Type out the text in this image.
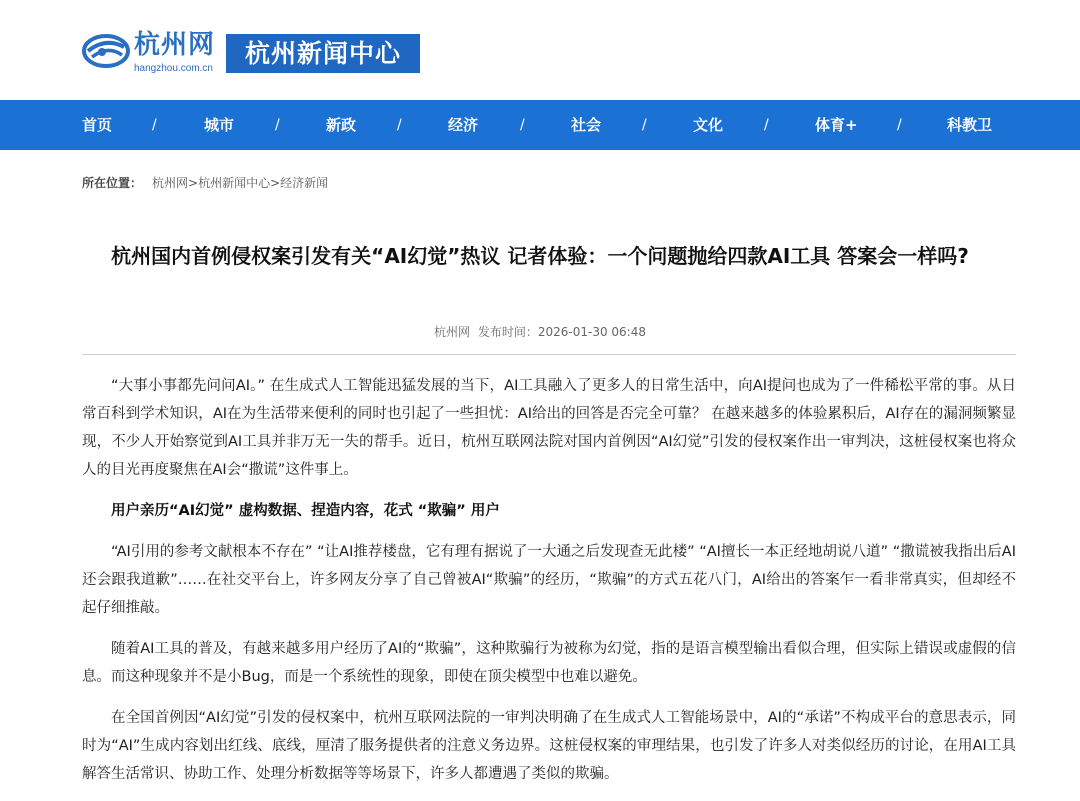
杭州网
hangzhou.com.cn
杭州新闻中心
首页	/	城市	/	新政	/	经济	/	社会	/	文化	/	体育+	/	科教卫
所在位置： 杭州网>杭州新闻中心>经济新闻
杭州国内首例侵权案引发有关“AI幻觉”热议 记者体验：一个问题抛给四款AI工具 答案会一样吗?
杭州网 发布时间：2026-01-30 06:48

“大事小事都先问问AI。” 在生成式人工智能迅猛发展的当下，AI工具融入了更多人的日常生活中，向AI提问也成为了一件稀松平常的事。从日常百科到学术知识，AI在为生活带来便利的同时也引起了一些担忧：AI给出的回答是否完全可靠？ 在越来越多的体验累积后，AI存在的漏洞频繁显现，不少人开始察觉到AI工具并非万无一失的帮手。近日，杭州互联网法院对国内首例因“AI幻觉”引发的侵权案作出一审判决，这桩侵权案也将众人的目光再度聚焦在AI会“撒谎”这件事上。

用户亲历“AI幻觉” 虚构数据、捏造内容，花式 “欺骗” 用户

“AI引用的参考文献根本不存在” “让AI推荐楼盘，它有理有据说了一大通之后发现查无此楼” “AI擅长一本正经地胡说八道” “撒谎被我指出后AI还会跟我道歉”……在社交平台上，许多网友分享了自己曾被AI“欺骗”的经历，“欺骗”的方式五花八门，AI给出的答案乍一看非常真实，但却经不起仔细推敲。

随着AI工具的普及，有越来越多用户经历了AI的“欺骗”，这种欺骗行为被称为幻觉，指的是语言模型输出看似合理，但实际上错误或虚假的信息。而这种现象并不是小Bug，而是一个系统性的现象，即使在顶尖模型中也难以避免。

在全国首例因“AI幻觉”引发的侵权案中，杭州互联网法院的一审判决明确了在生成式人工智能场景中，AI的“承诺”不构成平台的意思表示，同时为“AI”生成内容划出红线、底线，厘清了服务提供者的注意义务边界。这桩侵权案的审理结果，也引发了许多人对类似经历的讨论，在用AI工具解答生活常识、协助工作、处理分析数据等等场景下，许多人都遭遇了类似的欺骗。
